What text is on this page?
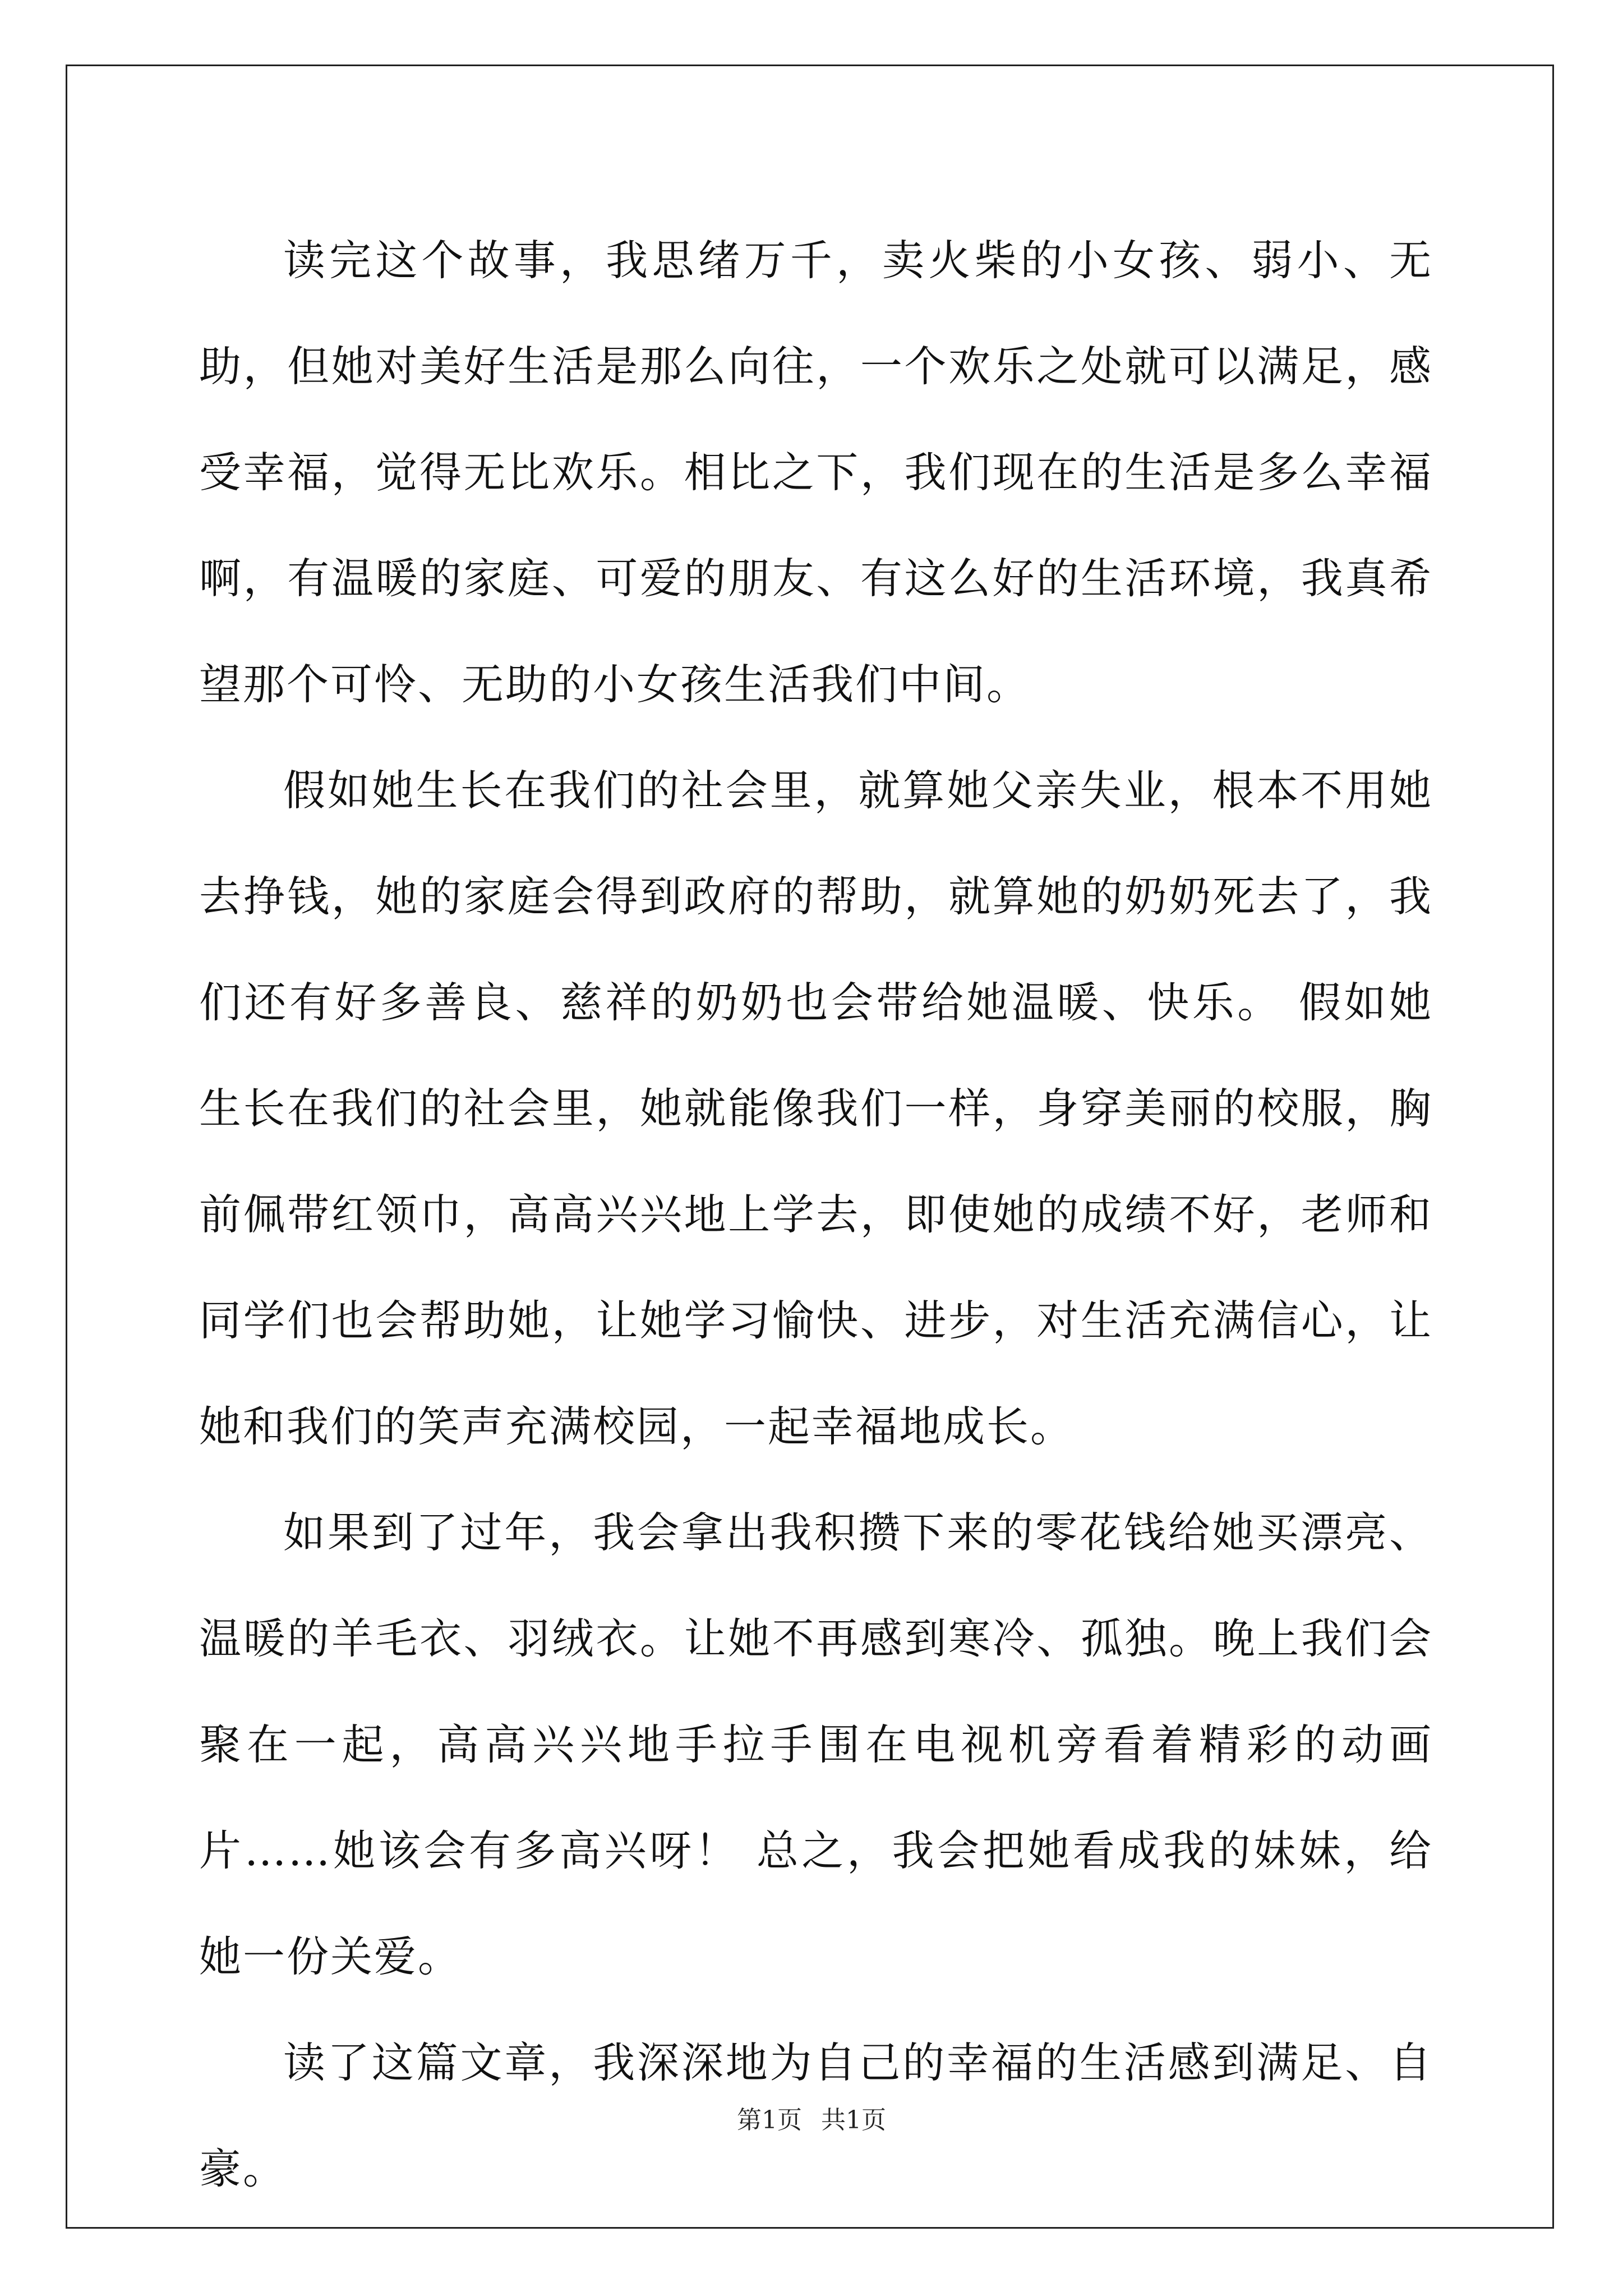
读完这个故事，我思绪万千，卖火柴的小女孩、弱小、无助，但她对美好生活是那么向往，一个欢乐之处就可以满足，感受幸福，觉得无比欢乐。相比之下，我们现在的生活是多么幸福啊，有温暖的家庭、可爱的朋友、有这么好的生活环境，我真希望那个可怜、无助的小女孩生活我们中间。

假如她生长在我们的社会里，就算她父亲失业，根本不用她去挣钱，她的家庭会得到政府的帮助，就算她的奶奶死去了，我们还有好多善良、慈祥的奶奶也会带给她温暖、快乐。 假如她生长在我们的社会里，她就能像我们一样，身穿美丽的校服，胸前佩带红领巾，高高兴兴地上学去，即使她的成绩不好，老师和同学们也会帮助她，让她学习愉快、进步，对生活充满信心，让她和我们的笑声充满校园，一起幸福地成长。

如果到了过年，我会拿出我积攒下来的零花钱给她买漂亮、温暖的羊毛衣、羽绒衣。让她不再感到寒冷、孤独。晚上我们会聚在一起，高高兴兴地手拉手围在电视机旁看着精彩的动画片……她该会有多高兴呀！ 总之，我会把她看成我的妹妹，给她一份关爱。

读了这篇文章，我深深地为自己的幸福的生活感到满足、自豪。

第1页 共1页
